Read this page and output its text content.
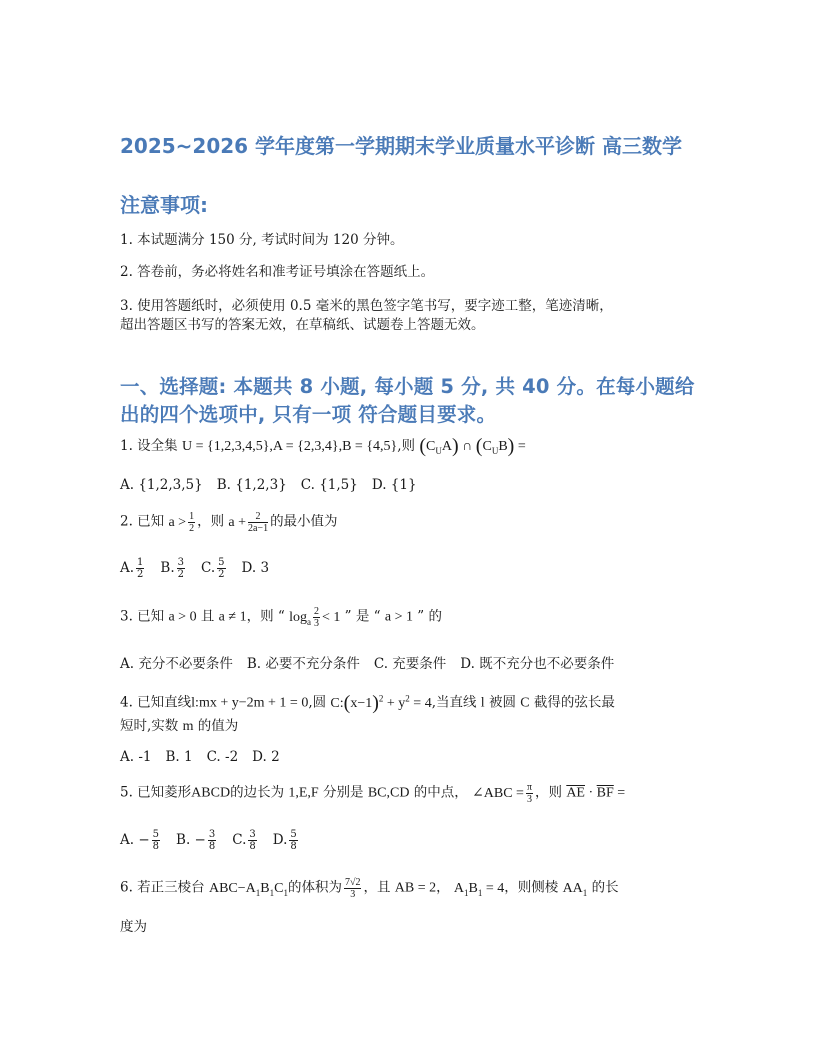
2025~2026 学年度第一学期期末学业质量水平诊断 高三数学
注意事项:
1. 本试题满分 150 分, 考试时间为 120 分钟。
2. 答卷前，务必将姓名和准考证号填涂在答题纸上。
3. 使用答题纸时，必须使用 0.5 毫米的黑色签字笔书写，要字迹工整，笔迹清晰，
超出答题区书写的答案无效，在草稿纸、试题卷上答题无效。
一、选择题: 本题共 8 小题, 每小题 5 分, 共 40 分。在每小题给
出的四个选项中, 只有一项 符合题目要求。
1. 设全集 U = {1,2,3,4,5},A = {2,3,4},B = {4,5},则 $(C_UA)$ ∩ $(C_UB)$ =
A. {1,2,3,5} B. {1,2,3} C. {1,5} D. {1}
2. 已知 $a > \frac{1}{2}$ ，则 $a + \frac{2}{2a-1}$ 的最小值为
A. $\frac{1}{2} B$. $\frac{3}{2} C$. $\frac{5}{2} D$. 3
3. 已知 a > 0 且 a ≠ 1，则 “ $\log_a \frac{2}{3} < 1$ ” 是 “ a > 1 ” 的
A. 充分不必要条件 B. 必要不充分条件 C. 充要条件 D. 既不充分也不必要条件
4. 已知直线l:mx + y−2m + 1 = 0,圆 $C:(x-1)^2 + y^2 = 4$,当直线 l 被圆 C 截得的弦长最
短时,实数 m 的值为
A. -1 B. 1 C. -2 D. 2
5. 已知菱形ABCD的边长为 1,E,F 分别是 BC,CD 的中点， ∠ABC = $\frac{\pi}{3}$ ，则 $\overline{AE} \cdot \overline{BF}$ =
A. − $\frac{5}{8} B$. − $\frac{3}{8} C$. $\frac{3}{8} D$. $\frac{5}{8}$
6. 若正三棱台 $ABC-A_1B_1C_1$的体积为 $\frac{7√2}{3}$ ，且 AB = 2， $A_1B_1 = 4$，则侧棱 $AA_1$ 的长
度为
